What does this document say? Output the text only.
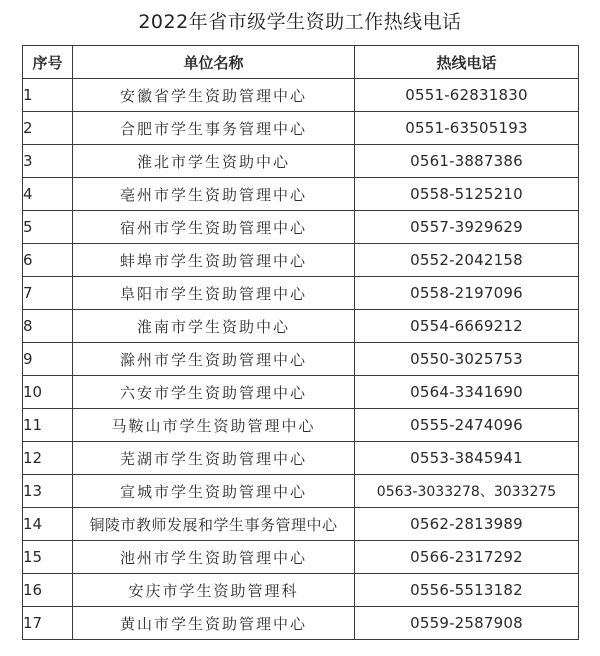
2022年省市级学生资助工作热线电话
序号	单位名称	热线电话
1	安徽省学生资助管理中心	0551-62831830
2	合肥市学生事务管理中心	0551-63505193
3	淮北市学生资助中心	0561-3887386
4	亳州市学生资助管理中心	0558-5125210
5	宿州市学生资助管理中心	0557-3929629
6	蚌埠市学生资助管理中心	0552-2042158
7	阜阳市学生资助管理中心	0558-2197096
8	淮南市学生资助中心	0554-6669212
9	滁州市学生资助管理中心	0550-3025753
10	六安市学生资助管理中心	0564-3341690
11	马鞍山市学生资助管理中心	0555-2474096
12	芜湖市学生资助管理中心	0553-3845941
13	宣城市学生资助管理中心	0563-3033278、3033275
14	铜陵市教师发展和学生事务管理中心	0562-2813989
15	池州市学生资助管理中心	0566-2317292
16	安庆市学生资助管理科	0556-5513182
17	黄山市学生资助管理中心	0559-2587908
